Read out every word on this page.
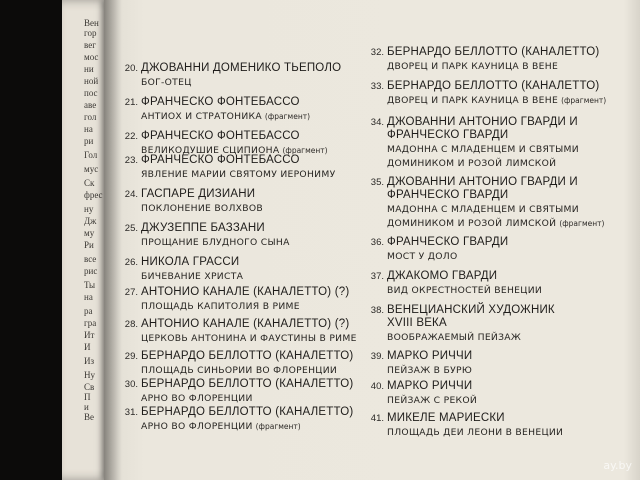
Вен
гор
вег
мос
ни
ной
пос
аве
гол
на
ри
Гол
мус
Ск
фрес
ну
Дж
му
Ри
все
рис
Ты
на
ра
гра
Ит
И
Из
Ну
Св
П
и
Ве
20. ДЖОВАННИ ДОМЕНИКО ТЬЕПОЛО
БОГ-ОТЕЦ
21. ФРАНЧЕСКО ФОНТЕБАССО
АНТИОХ И СТРАТОНИКА (фрагмент)
22. ФРАНЧЕСКО ФОНТЕБАССО
ВЕЛИКОДУШИЕ СЦИПИОНА (фрагмент)
23. ФРАНЧЕСКО ФОНТЕБАССО
ЯВЛЕНИЕ МАРИИ СВЯТОМУ ИЕРОНИМУ
24. ГАСПАРЕ ДИЗИАНИ
ПОКЛОНЕНИЕ ВОЛХВОВ
25. ДЖУЗЕППЕ БАЗЗАНИ
ПРОЩАНИЕ БЛУДНОГО СЫНА
26. НИКОЛА ГРАССИ
БИЧЕВАНИЕ ХРИСТА
27. АНТОНИО КАНАЛЕ (КАНАЛЕТТО) (?)
ПЛОЩАДЬ КАПИТОЛИЯ В РИМЕ
28. АНТОНИО КАНАЛЕ (КАНАЛЕТТО) (?)
ЦЕРКОВЬ АНТОНИНА И ФАУСТИНЫ В РИМЕ
29. БЕРНАРДО БЕЛЛОТТО (КАНАЛЕТТО)
ПЛОЩАДЬ СИНЬОРИИ ВО ФЛОРЕНЦИИ
30. БЕРНАРДО БЕЛЛОТТО (КАНАЛЕТТО)
АРНО ВО ФЛОРЕНЦИИ
31. БЕРНАРДО БЕЛЛОТТО (КАНАЛЕТТО)
АРНО ВО ФЛОРЕНЦИИ (фрагмент)
32. БЕРНАРДО БЕЛЛОТТО (КАНАЛЕТТО)
ДВОРЕЦ И ПАРК КАУНИЦА В ВЕНЕ
33. БЕРНАРДО БЕЛЛОТТО (КАНАЛЕТТО)
ДВОРЕЦ И ПАРК КАУНИЦА В ВЕНЕ (фрагмент)
34. ДЖОВАННИ АНТОНИО ГВАРДИ И
ФРАНЧЕСКО ГВАРДИ
МАДОННА С МЛАДЕНЦЕМ И СВЯТЫМИ
ДОМИНИКОМ И РОЗОЙ ЛИМСКОЙ
35. ДЖОВАННИ АНТОНИО ГВАРДИ И
ФРАНЧЕСКО ГВАРДИ
МАДОННА С МЛАДЕНЦЕМ И СВЯТЫМИ
ДОМИНИКОМ И РОЗОЙ ЛИМСКОЙ (фрагмент)
36. ФРАНЧЕСКО ГВАРДИ
МОСТ У ДОЛО
37. ДЖАКОМО ГВАРДИ
ВИД ОКРЕСТНОСТЕЙ ВЕНЕЦИИ
38. ВЕНЕЦИАНСКИЙ ХУДОЖНИК
XVIII ВЕКА
ВООБРАЖАЕМЫЙ ПЕЙЗАЖ
39. МАРКО РИЧЧИ
ПЕЙЗАЖ В БУРЮ
40. МАРКО РИЧЧИ
ПЕЙЗАЖ С РЕКОЙ
41. МИКЕЛЕ МАРИЕСКИ
ПЛОЩАДЬ ДЕИ ЛЕОНИ В ВЕНЕЦИИ
ay.by
